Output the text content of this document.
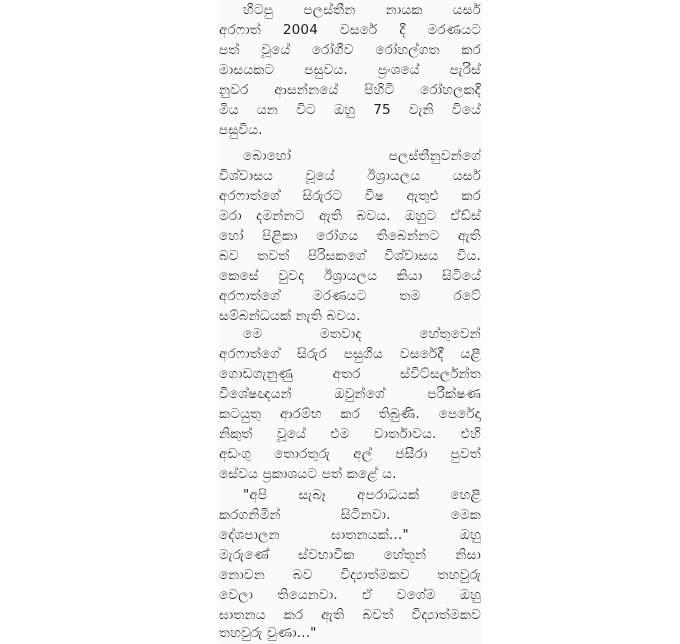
හිටපු පලස්තීන නායක යසර්
අරෆාත් 2004 වසරේ දී මරණයට
පත් වූයේ රෝගීව රෝහල්ගත කර
මාසයකට පසුවය. ප්‍රංශයේ පැරිස්
නුවර ආසන්නයේ පිහිටි රෝහලකදී
මිය යන විට ඔහු 75 වැනි වියේ
පසුවිය.
බොහෝ පලස්තීනුවන්ගේ
විශ්වාසය වූයේ ඊශ්‍රායලය යසර්
අරෆාත්ගේ සිරුරට විෂ ඇතුළු කර
මරා දමන්නට ඇති බවය. ඔහුට ඒඩ්ස්
හෝ පිළිකා රෝගය තිබෙන්නට ඇති
බව තවත් පිරිසකගේ විශ්වාසය විය.
කෙසේ වුවද ඊශ්‍රායලය කියා සිටියේ
අරෆාත්ගේ මරණයට තම රටේ
සම්බන්ධයක් නැති බවය.
මෙ මතවාද හේතුවෙන්
අරෆාත්ගේ සිරුර පසුගිය වසරේදී යළි
ගොඩගැනුණු අතර ස්විට්සර්ලන්ත
විශේෂඥයන් ඔවුන්ගේ පරීක්ෂණ
කටයුතු ආරම්භ කර තිබුණි. පෙරේදා
නිකුත් වූයේ එම වාර්තාවය. එහි
අඩංගු තොරතුරු අල් ජසීරා පුවත්
සේවය ප්‍රකාශයට පත් කළේ ය.
"අපි සැබෑ අපරාධයක් හෙළි
කරගනිමින් සිටිනවා. මෙක
දේශපාලන ඝාතනයක්..." ඔහු
මැරුණේ ස්වභාවික හේතූන් නිසා
නොවන බව විද්‍යාත්මකව තහවුරු
වෙලා තියෙනවා. ඒ වගේම ඔහු
ඝාතනය කර ඇති බවත් විද්‍යාත්මකව
තහවුරු වුණා..."
